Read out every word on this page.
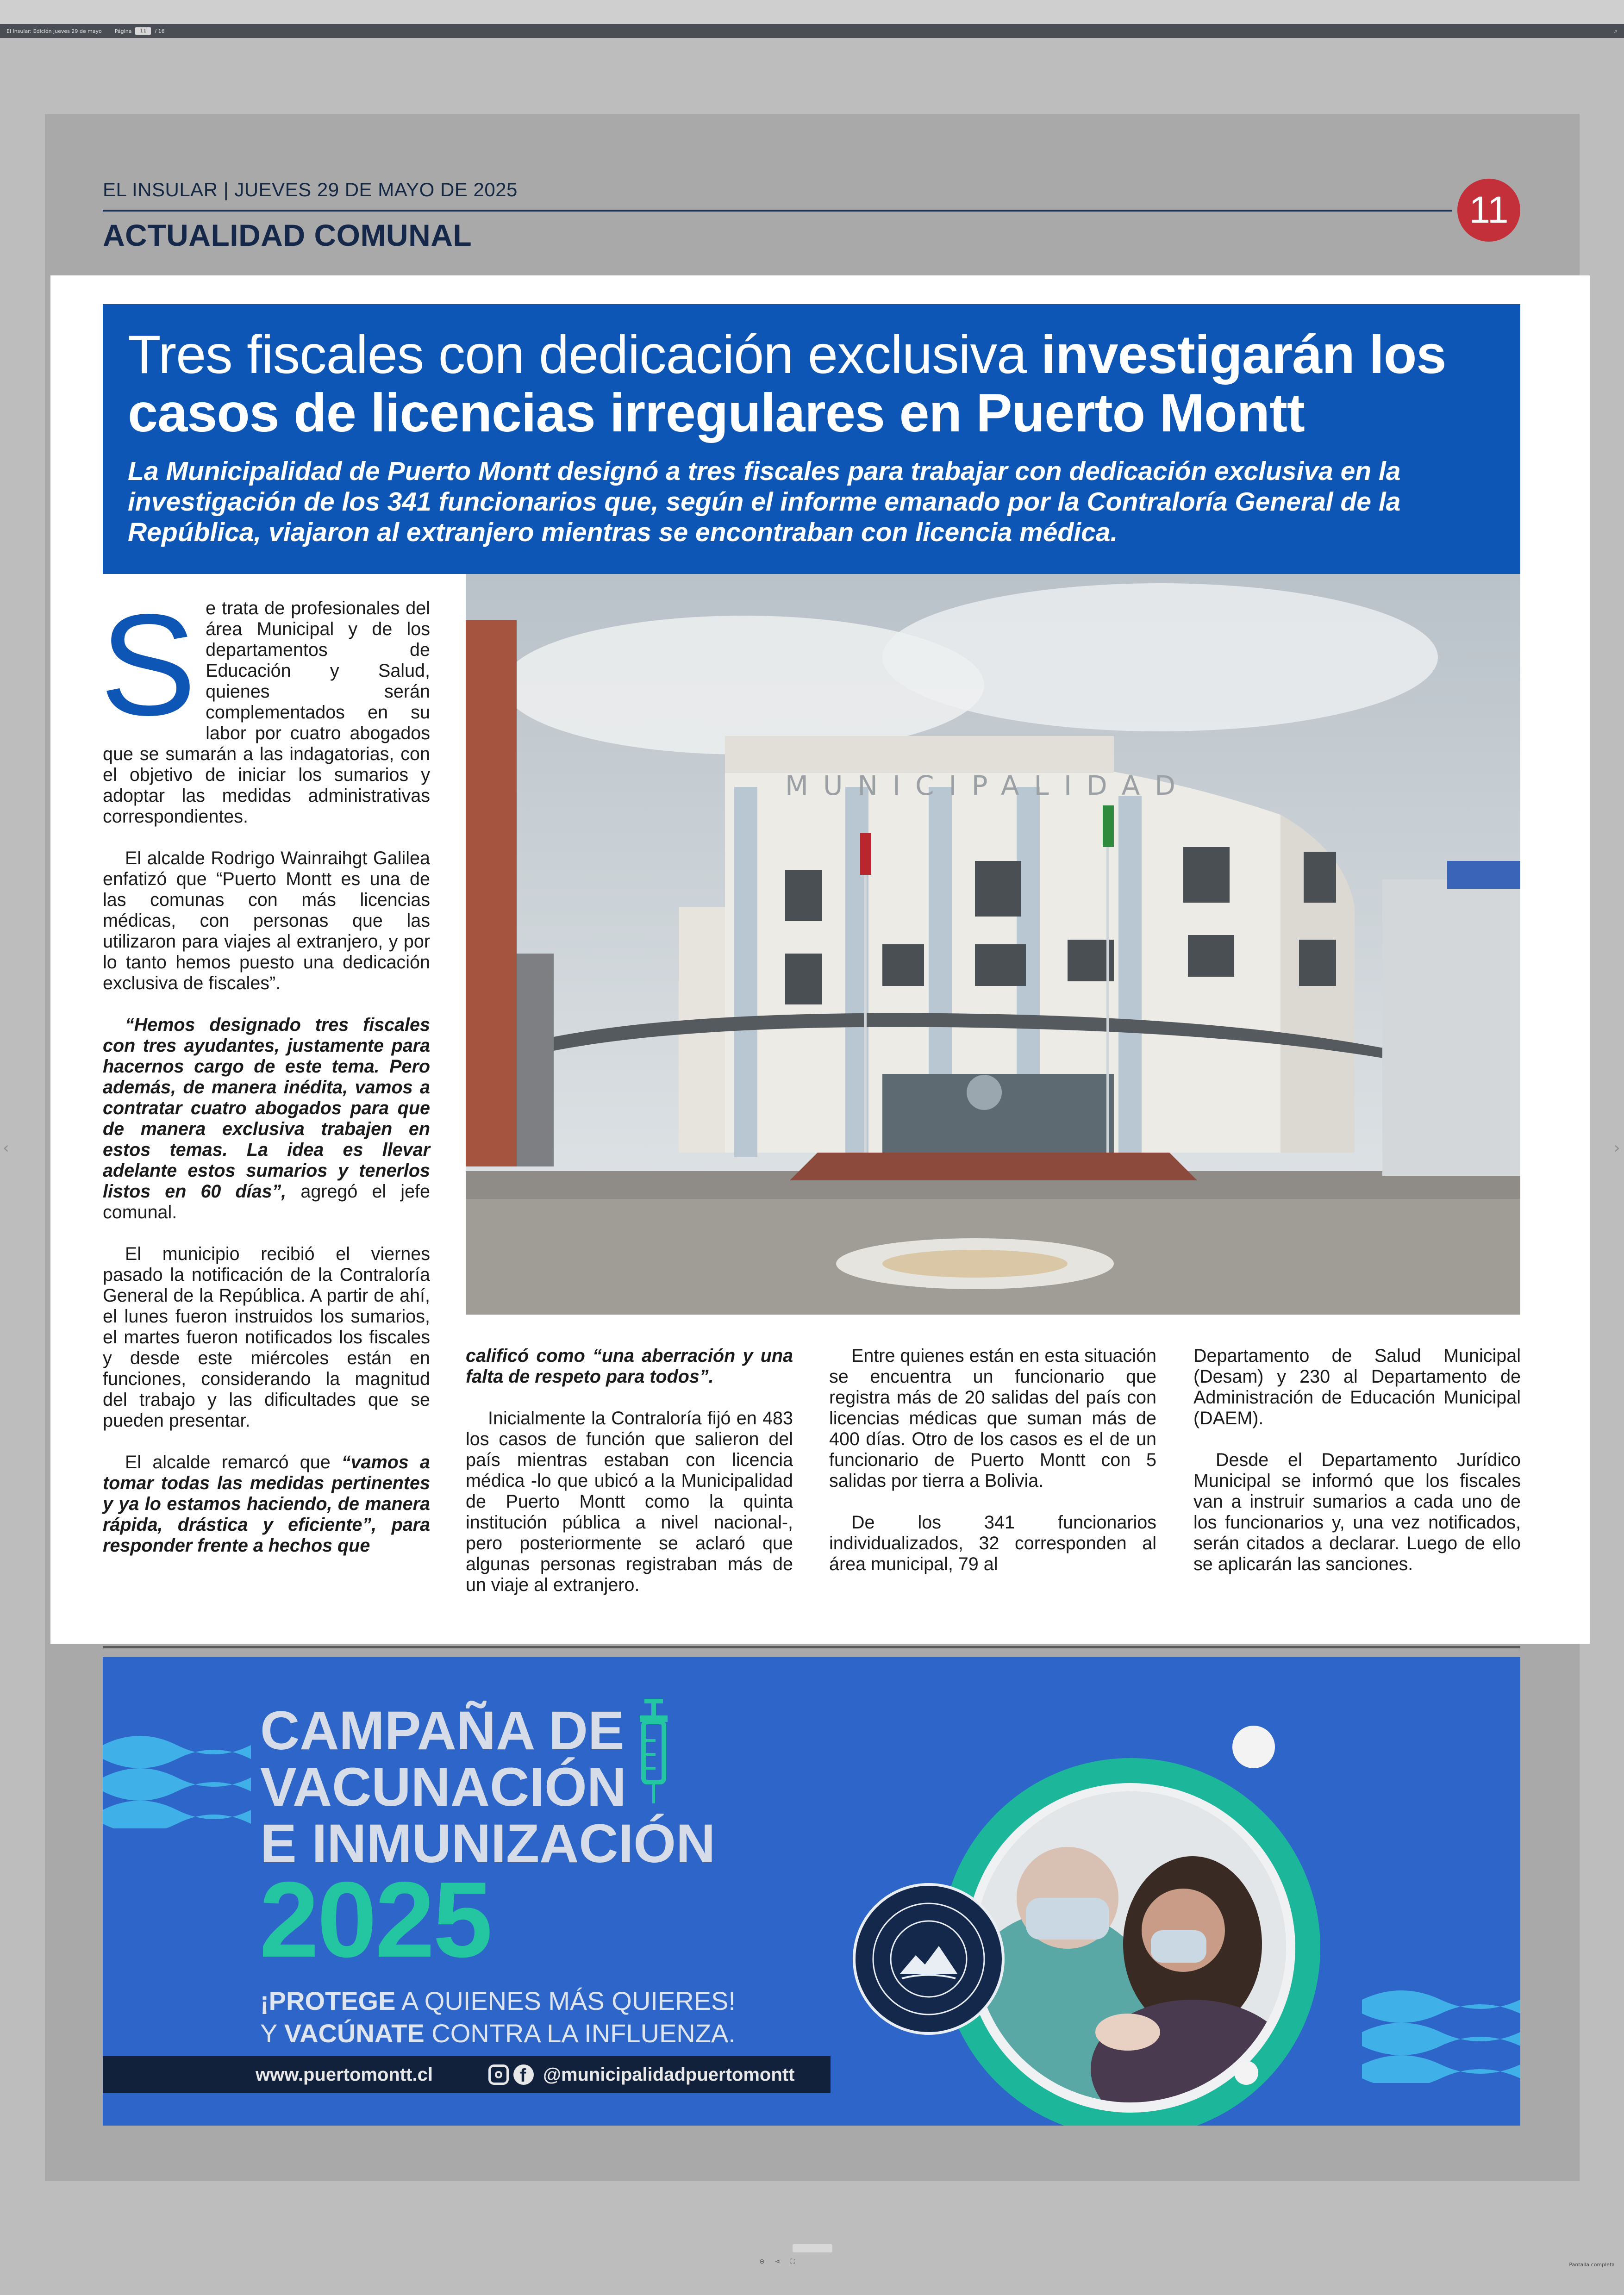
El Insular: Edición jueves 29 de mayo	Página	11	/ 16	⌕
‹	›
EL INSULAR | JUEVES 29 DE MAYO DE 2025
ACTUALIDAD COMUNAL
11
Tres fiscales con dedicación exclusiva investigarán los casos de licencias irregulares en Puerto Montt
La Municipalidad de Puerto Montt designó a tres fiscales para trabajar con dedicación exclusiva en la investigación de los 341 funcionarios que, según el informe emanado por la Contraloría General de la República, viajaron al extranjero mientras se encontraban con licencia médica.
MUNICIPALIDAD

Se trata de profesionales del área Municipal y de los departamentos de Educación y Salud, quienes serán complementados en su labor por cuatro abogados que se sumarán a las indagatorias, con el objetivo de iniciar los sumarios y adoptar las medidas administrativas correspondientes.

El alcalde Rodrigo Wainraihgt Galilea enfatizó que “Puerto Montt es una de las comunas con más licencias médicas, con personas que las utilizaron para viajes al extranjero, y por lo tanto hemos puesto una dedicación exclusiva de fiscales”.

“Hemos designado tres fiscales con tres ayudantes, justamente para hacernos cargo de este tema. Pero además, de manera inédita, vamos a contratar cuatro abogados para que de manera exclusiva trabajen en estos temas. La idea es llevar adelante estos sumarios y tenerlos listos en 60 días”, agregó el jefe comunal.

El municipio recibió el viernes pasado la notificación de la Contraloría General de la República. A partir de ahí, el lunes fueron instruidos los sumarios, el martes fueron notificados los fiscales y desde este miércoles están en funciones, considerando la magnitud del trabajo y las dificultades que se pueden presentar.

El alcalde remarcó que “vamos a tomar todas las medidas pertinentes y ya lo estamos haciendo, de manera rápida, drástica y eficiente”, para responder frente a hechos que

calificó como “una aberración y una falta de respeto para todos”.

Inicialmente la Contraloría fijó en 483 los casos de función que salieron del país mientras estaban con licencia médica -lo que ubicó a la Municipalidad de Puerto Montt como la quinta institución pública a nivel nacional-, pero posteriormente se aclaró que algunas personas registraban más de un viaje al extranjero.

Entre quienes están en esta situación se encuentra un funcionario que registra más de 20 salidas del país con licencias médicas que suman más de 400 días. Otro de los casos es el de un funcionario de Puerto Montt con 5 salidas por tierra a Bolivia.

De los 341 funcionarios individualizados, 32 corresponden al área municipal, 79 al

Departamento de Salud Municipal (Desam) y 230 al Departamento de Administración de Educación Municipal (DAEM).

Desde el Departamento Jurídico Municipal se informó que los fiscales van a instruir sumarios a cada uno de los funcionarios y, una vez notificados, serán citados a declarar. Luego de ello se aplicarán las sanciones.

CAMPAÑA DE
VACUNACIÓN
E INMUNIZACIÓN
2025
¡PROTEGE A QUIENES MÁS QUIERES!
Y VACÚNATE CONTRA LA INFLUENZA.
www.puertomontt.cl
f	@municipalidadpuertomontt
⊖ ⋖ ⛶	Pantalla completa
